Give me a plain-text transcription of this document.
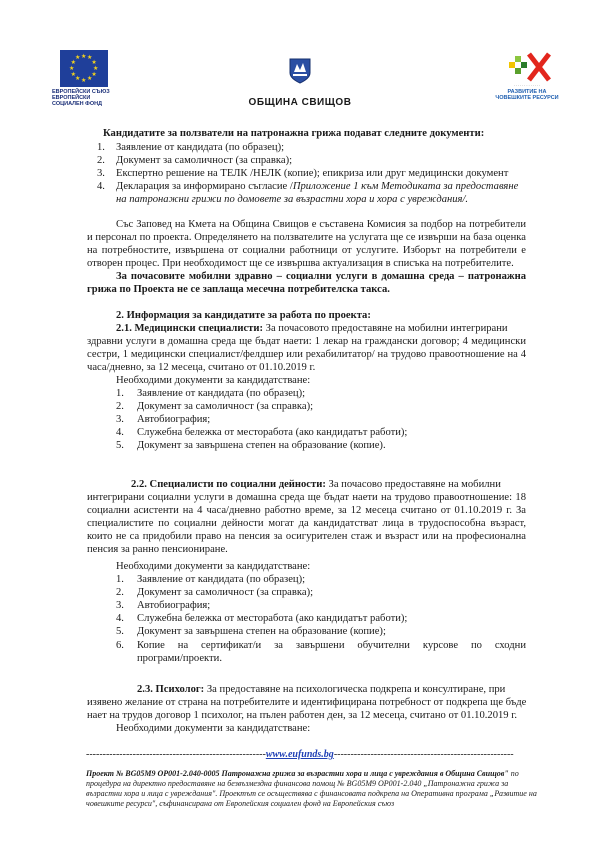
★ ★
★
★
★
★
★
★
★
★
★
★
ЕВРОПЕЙСКИ СЪЮЗ
ЕВРОПЕЙСКИ
СОЦИАЛЕН ФОНД	ОБЩИНА СВИЩОВ
· · · · · · · · · · · · ·
РАЗВИТИЕ НА
ЧОВЕШКИТЕ РЕСУРСИ
Кандидатите за ползватели на патронажна грижа подават следните документи:
1. Заявление от кандидата (по образец);
2. Документ за самоличност (за справка);
3. Експертно решение на ТЕЛК /НЕЛК (копие); епикриза или друг медицински документ
4. Декларация за информирано съгласие /Приложение 1 към Методиката за предоставяне
на патронажни грижи по домовете за възрастни хора и хора с увреждания/.
Със Заповед на Кмета на Община Свищов е съставена Комисия за подбор на потребители
и персонал по проекта. Определянето на ползвателите на услугата ще се извърши на база оценка
на потребностите, извършена от социални работници от услугите. Изборът на потребители е
отворен процес. При необходимост ще се извършва актуализация в списъка на потребителите.
За почасовите мобилни здравно – социални услуги в домашна среда – патронажна
грижа по Проекта не се заплаща месечна потребителска такса.
2. Информация за кандидатите за работа по проекта:
2.1. Медицински специалисти: За почасовото предоставяне на мобилни интегрирани
здравни услуги в домашна среда ще бъдат наети: 1 лекар на граждански договор; 4 медицински
сестри, 1 медицински специалист/фелдшер или рехабилитатор/ на трудово правоотношение на 4
часа/дневно, за 12 месеца, считано от 01.10.2019 г.
Необходими документи за кандидатстване:
1. Заявление от кандидата (по образец);
2. Документ за самоличност (за справка);
3. Автобиография;
4. Служебна бележка от месторабота (ако кандидатът работи);
5. Документ за завършена степен на образование (копие).
2.2. Специалисти по социални дейности: За почасово предоставяне на мобилни
интегрирани социални услуги в домашна среда ще бъдат наети на трудово правоотношение: 18
социални асистенти на 4 часа/дневно работно време, за 12 месеца считано от 01.10.2019 г. За
специалистите по социални дейности могат да кандидатстват лица в трудоспособна възраст,
които не са придобили право на пенсия за осигурителен стаж и възраст или на професионална
пенсия за ранно пенсиониране.
Необходими документи за кандидатстване:
1. Заявление от кандидата (по образец);
2. Документ за самоличност (за справка);
3. Автобиография;
4. Служебна бележка от месторабота (ако кандидатът работи);
5. Документ за завършена степен на образование (копие);
6. Копие на сертификат/и за завършени обучителни курсове по сходни
програми/проекти.
2.3. Психолог: За предоставяне на психологическа подкрепа и консултиране, при
изявено желание от страна на потребителите и идентифицирана потребност от подкрепа ще бъде
нает на трудов договор 1 психолог, на пълен работен ден, за 12 месеца, считано от 01.10.2019 г.
Необходими документи за кандидатстване:
------------------------------------------------------www.eufunds.bg------------------------------------------------------
Проект № BG05M9 OP001-2.040-0005 Патронажна грижа за възрастни хора и лица с увреждания в Община Свищов" по
процедура на директно предоставяне на безвъзмездна финансова помощ № BG05M9 OP001-2.040 „Патронажна грижа за
възрастни хора и лица с увреждания". Проектът се осъществява с финансовата подкрепа на Оперативна програма „Развитие на
човешките ресурси", съфинансирана от Европейския социален фонд на Европейския съюз
